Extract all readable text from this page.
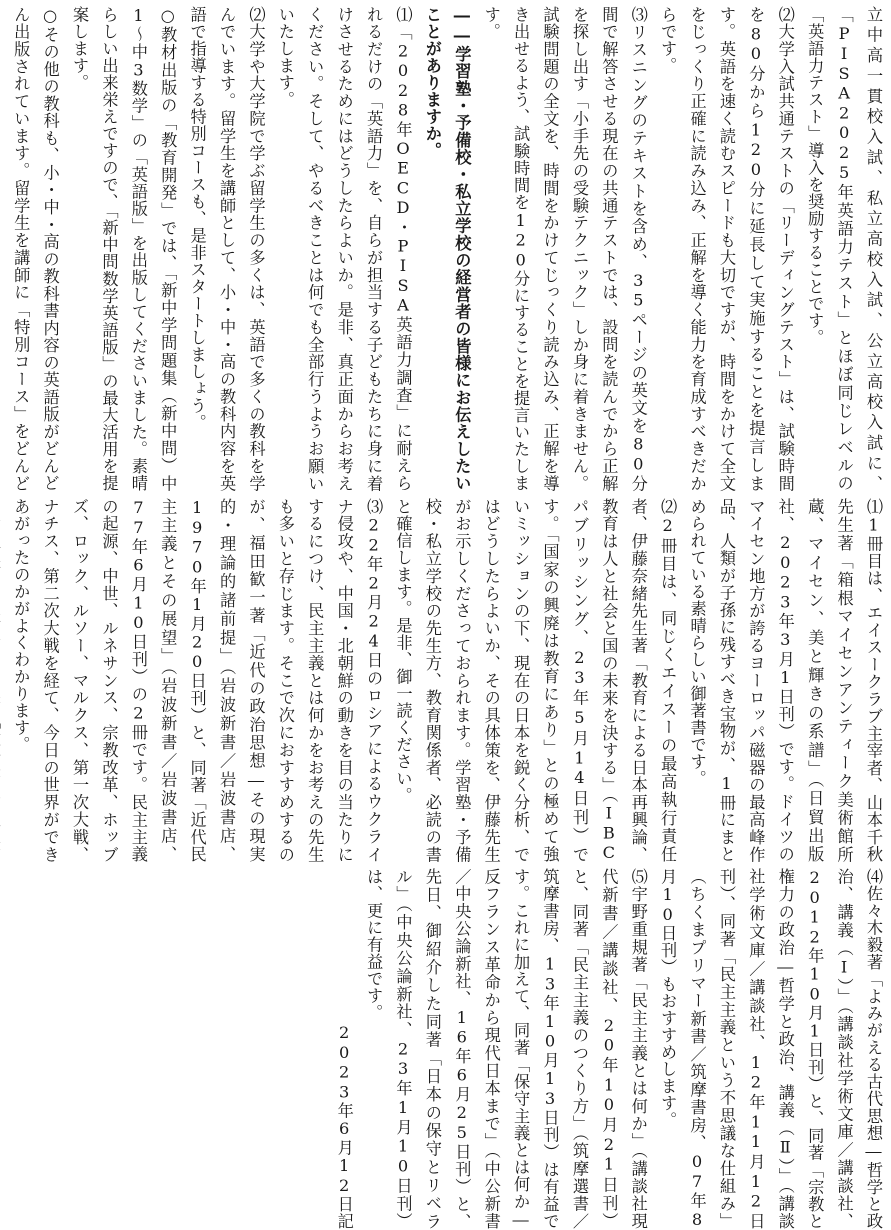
立中高一貫校入試、私立高校入試、公立高校入試に、「PISA2025年英語力テスト」とほぼ同じレベルの「英語力テスト」導入を奨励することです。
⑵大学入試共通テストの「リーディングテスト」は、試験時間を80分から120分に延長して実施することを提言します。英語を速く読むスピードも大切ですが、時間をかけて全文をじっくり正確に読み込み、正解を導く能力を育成すべきだからです。
⑶リスニングのテキストを含め、35ページの英文を80分間で解答させる現在の共通テストでは、設問を読んでから正解を探し出す「小手先の受験テクニック」しか身に着きません。試験問題の全文を、時間をかけてじっくり読み込み、正解を導き出せるよう、試験時間を120分にすることを提言いたします。
――学習塾・予備校・私立学校の経営者の皆様にお伝えしたいことがありますか。
⑴「2028年OECD・PISA英語力調査」に耐えられるだけの「英語力」を、自らが担当する子どもたちに身に着けさせるためにはどうしたらよいか。是非、真正面からお考えください。そして、やるべきことは何でも全部行うようお願いいたします。
⑵大学や大学院で学ぶ留学生の多くは、英語で多くの教科を学んでいます。留学生を講師として、小・中・高の教科内容を英語で指導する特別コースも、是非スタートしましょう。
○教材出版の「教育開発」では、「新中学問題集（新中問）中1～中3数学」の「英語版」を出版してくださいました。素晴らしい出来栄えですので、「新中問数学英語版」の最大活用を提案します。
○その他の教科も、小・中・高の教科書内容の英語版がどんどん出版されています。留学生を講師に「特別コース」をどんど
⑴1冊目は、エイスークラブ主宰者、山本千秋先生著「箱根マイセンアンティーク美術館所蔵、マイセン、美と輝きの系譜」（日貿出版社、2023年3月1日刊）です。ドイツのマイセン地方が誇るヨーロッパ磁器の最高峰作品、人類が子孫に残すべき宝物が、1冊にまとめられている素晴らしい御著書です。
⑵2冊目は、同じくエイスーの最高執行責任者、伊藤奈緒先生著「教育による日本再興論、教育は人と社会と国の未来を決する」（IBCパブリッシング、23年5月14日刊）です。「国家の興廃は教育にあり」との極めて強いミッションの下、現在の日本を鋭く分析、ではどうしたらよいか、その具体策を、伊藤先生がお示しくださっておられます。学習塾・予備校・私立学校の先生方、教育関係者、必読の書と確信します。是非、御一読ください。
⑶22年2月24日のロシアによるウクライナ侵攻や、中国・北朝鮮の動きを目の当たりにするにつけ、民主主義とは何かをお考えの先生も多いと存じます。そこで次におすすめするのが、福田歓一著「近代の政治思想―その現実的・理論的諸前提」（岩波新書／岩波書店、1970年1月20日刊）と、同著「近代民主主義とその展望」（岩波新書／岩波書店、77年6月10日刊）の2冊です。民主主義の起源、中世、ルネサンス、宗教改革、ホッブズ、ロック、ルソー、マルクス、第一次大戦、ナチス、第二次大戦を経て、今日の世界ができあがったのかがよくわかります。
⑷佐々木毅著「よみがえる古代思想―哲学と政治、講義（Ⅰ）」（講談社学術文庫／講談社、2012年10月1日刊）と、同著「宗教と権力の政治―哲学と政治、講義（Ⅱ）」（講談社学術文庫／講談社、12年11月12日刊）、同著「民主主義という不思議な仕組み」（ちくまプリマー新書／筑摩書房、07年8月10日刊）もおすすめします。
⑸宇野重規著「民主主義とは何か」（講談社現代新書／講談社、20年10月21日刊）と、同著「民主主義のつくり方」（筑摩選書／筑摩書房、13年10月13日刊）は有益です。これに加えて、同著「保守主義とは何か―反フランス革命から現代日本まで」（中公新書／中央公論新社、16年6月25日刊）と、先日、御紹介した同著「日本の保守とリベラル」（中央公論新社、23年1月10日刊）は、更に有益です。
2023年6月12日記
